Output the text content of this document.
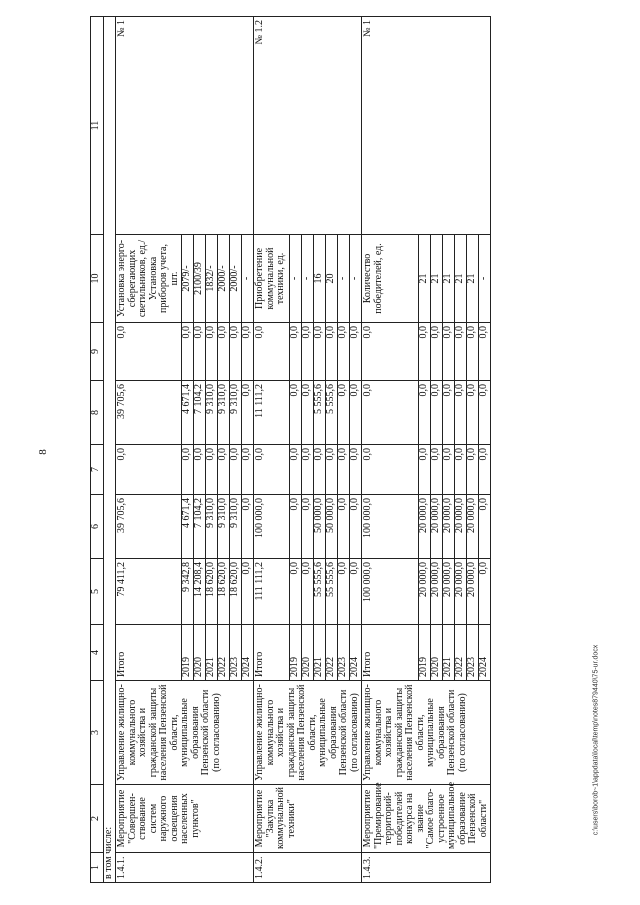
8
c:\users\borob~1\appdata\local\temp\notes879440\75-ur.docx
1	2	3	4	5	6	7	8	9	10	11
в том числе:										
1.4.1.	Мероприятие "Совершен-ствование систем наружного освещения населенных пунктов"	Управление жилищно-коммунального хозяйства и гражданской защиты населения Пензенской области, муниципальные образования Пензенской области (по согласованию)	Итого	79 411,2	39 705,6	0,0	39 705,6	0,0	Установка энерго-сберегающих светильников, ед./ Установка приборов учета, шт.	№ 1
			2019	9 342,8	4 671,4	0,0	4 671,4	0,0	2079/-	
			2020	14 208,4	7 104,2	0,0	7 104,2	0,0	2100/39	
			2021	18 620,0	9 310,0	0,0	9 310,0	0,0	1832/-	
			2022	18 620,0	9 310,0	0,0	9 310,0	0,0	2000/-	
			2023	18 620,0	9 310,0	0,0	9 310,0	0,0	2000/-	
			2024	0,0	0,0	0,0	0,0	0,0	-	
1.4.2.	Мероприятие "Закупка коммунальной техники"	Управление жилищно-коммунального хозяйства и гражданской защиты населения Пензенской области, муниципальные образования Пензенской области (по согласованию)	Итого	111 111,2	100 000,0	0,0	11 111,2	0,0	Приобретение коммунальной техники, ед.	№ 1.2
			2019	0,0	0,0	0,0	0,0	0,0	-	
			2020	0,0	0,0	0,0	0,0	0,0	-	
			2021	55 555,6	50 000,0	0,0	5 555,6	0,0	16	
			2022	55 555,6	50 000,0	0,0	5 555,6	0,0	20	
			2023	0,0	0,0	0,0	0,0	0,0	-	
			2024	0,0	0,0	0,0	0,0	0,0	-	
1.4.3.	Мероприятие "Премирование территорий-победителей конкурса на звание "Самое благо-устроенное муниципальное образование Пензенской области"	Управление жилищно-коммунального хозяйства и гражданской защиты населения Пензенской области, муниципальные образования Пензенской области (по согласованию)	Итого	100 000,0	100 000,0	0,0	0,0	0,0	Количество победителей, ед.	№ 1
			2019	20 000,0	20 000,0	0,0	0,0	0,0	21	
			2020	20 000,0	20 000,0	0,0	0,0	0,0	21	
			2021	20 000,0	20 000,0	0,0	0,0	0,0	21	
			2022	20 000,0	20 000,0	0,0	0,0	0,0	21	
			2023	20 000,0	20 000,0	0,0	0,0	0,0	21	
			2024	0,0	0,0	0,0	0,0	0,0	-	
